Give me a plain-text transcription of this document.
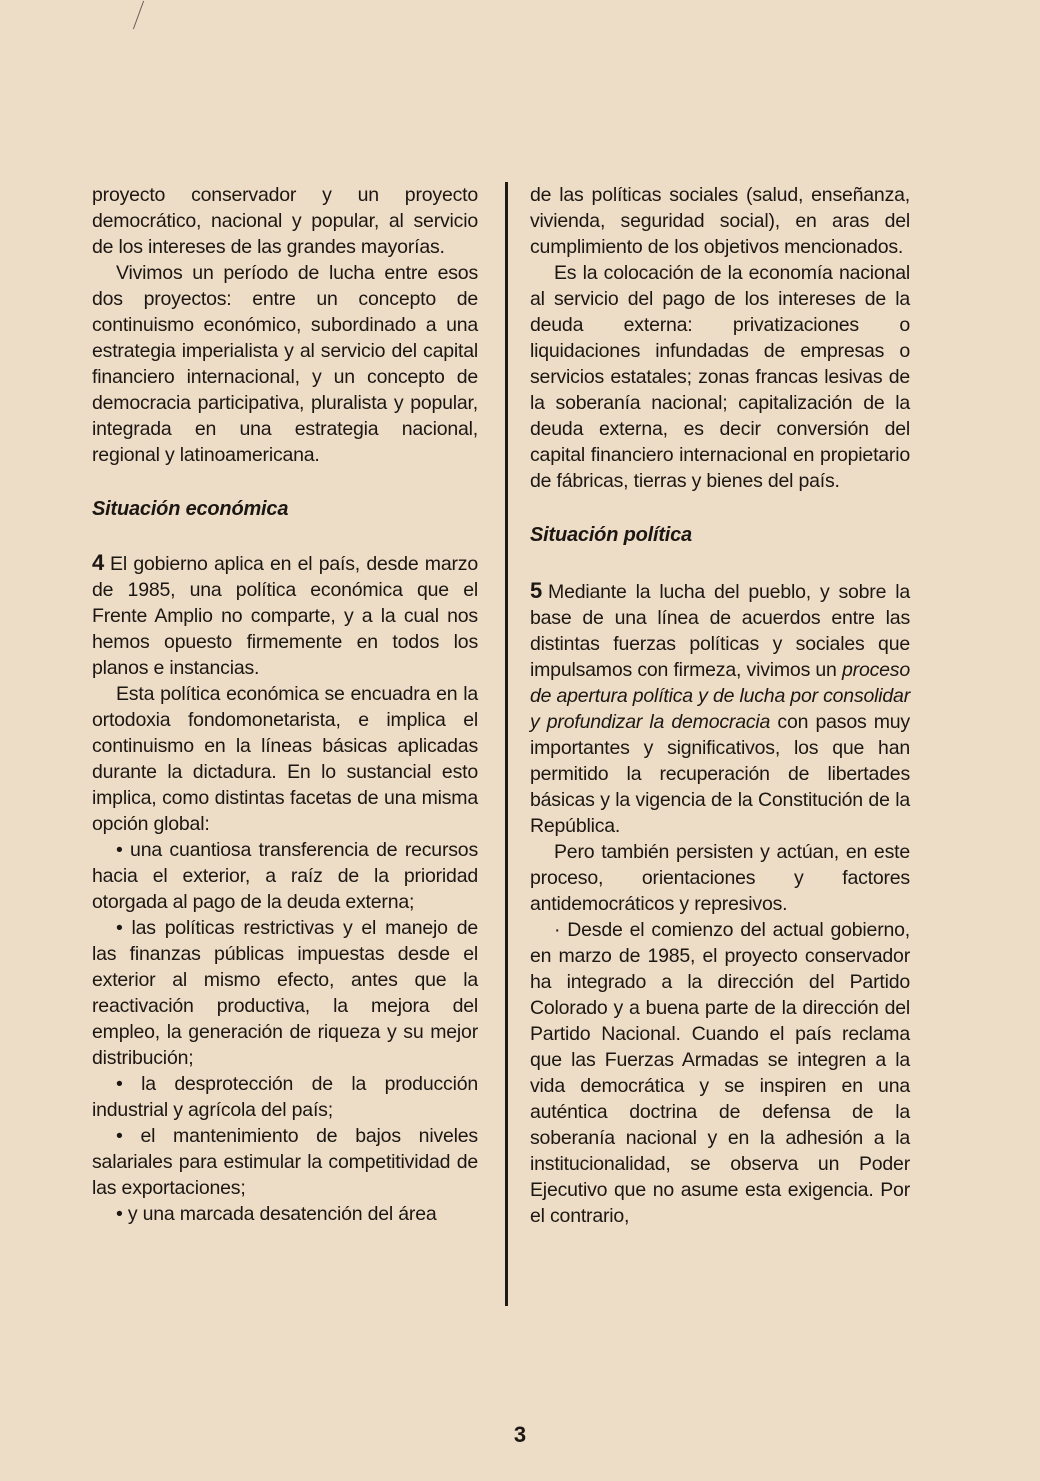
proyecto conservador y un proyecto democrático, nacional y popular, al servicio de los intereses de las grandes mayorías.

Vivimos un período de lucha entre esos dos proyectos: entre un concepto de continuismo económico, subordinado a una estrategia imperialista y al servicio del capital financiero internacional, y un concepto de democracia participativa, pluralista y popular, integrada en una estrategia nacional, regional y latinoamericana.

Situación económica

4 El gobierno aplica en el país, desde marzo de 1985, una política económica que el Frente Amplio no comparte, y a la cual nos hemos opuesto firmemente en todos los planos e instancias.

Esta política económica se encuadra en la ortodoxia fondomonetarista, e implica el continuismo en la líneas básicas aplicadas durante la dictadura. En lo sustancial esto implica, como distintas facetas de una misma opción global:

• una cuantiosa transferencia de recursos hacia el exterior, a raíz de la prioridad otorgada al pago de la deuda externa;

• las políticas restrictivas y el manejo de las finanzas públicas impuestas desde el exterior al mismo efecto, antes que la reactivación productiva, la mejora del empleo, la generación de riqueza y su mejor distribución;

• la desprotección de la producción industrial y agrícola del país;

• el mantenimiento de bajos niveles salariales para estimular la competitividad de las exportaciones;

• y una marcada desatención del área

de las políticas sociales (salud, enseñanza, vivienda, seguridad social), en aras del cumplimiento de los objetivos mencionados.

Es la colocación de la economía nacional al servicio del pago de los intereses de la deuda externa: privatizaciones o liquidaciones infundadas de empresas o servicios estatales; zonas francas lesivas de la soberanía nacional; capitalización de la deuda externa, es decir conversión del capital financiero internacional en propietario de fábricas, tierras y bienes del país.

Situación política

5 Mediante la lucha del pueblo, y sobre la base de una línea de acuerdos entre las distintas fuerzas políticas y sociales que impulsamos con firmeza, vivimos un proceso de apertura política y de lucha por consolidar y profundizar la democracia con pasos muy importantes y significativos, los que han permitido la recuperación de libertades básicas y la vigencia de la Constitución de la República.

Pero también persisten y actúan, en este proceso, orientaciones y factores antidemocráticos y represivos.

· Desde el comienzo del actual gobierno, en marzo de 1985, el proyecto conservador ha integrado a la dirección del Partido Colorado y a buena parte de la dirección del Partido Nacional. Cuando el país reclama que las Fuerzas Armadas se integren a la vida democrática y se inspiren en una auténtica doctrina de defensa de la soberanía nacional y en la adhesión a la institucionalidad, se observa un Poder Ejecutivo que no asume esta exigencia. Por el contrario,

3
